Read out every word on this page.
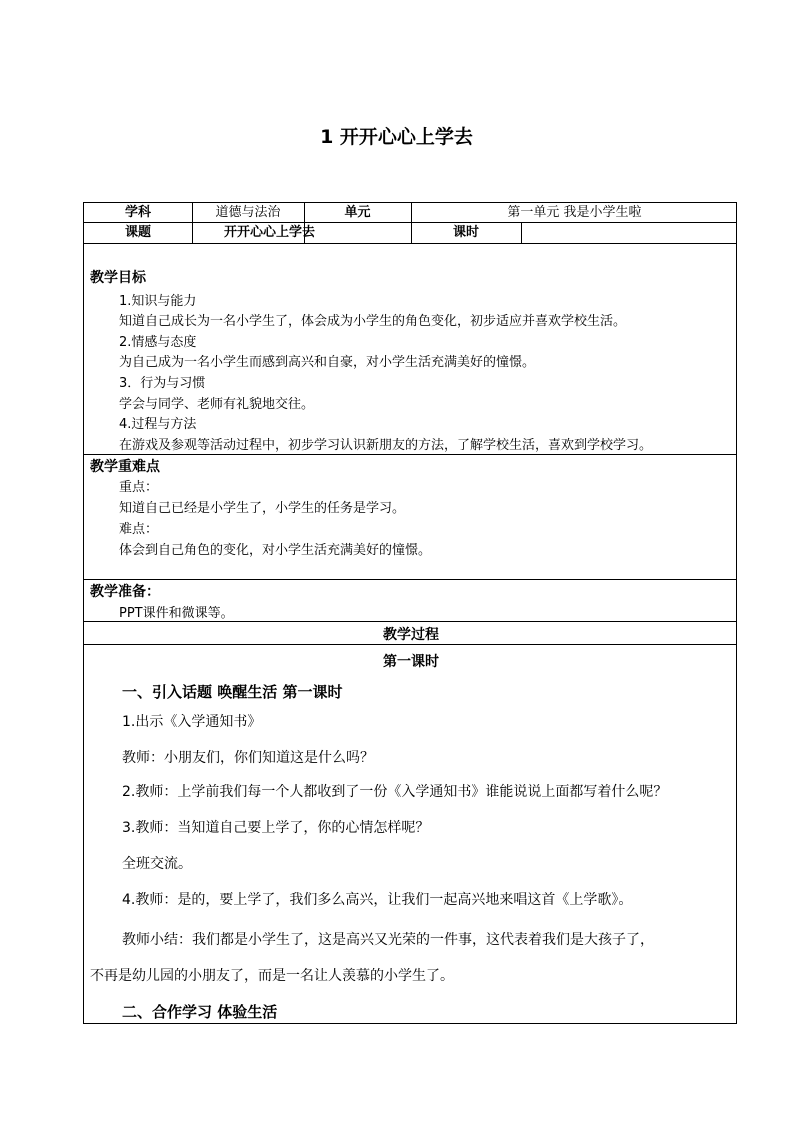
1 开开心心上学去
学科	道德与法治	单元	第一单元 我是小学生啦
课题	开开心心上学去	课时
教学目标
1.知识与能力
知道自己成长为一名小学生了，体会成为小学生的角色变化，初步适应并喜欢学校生活。
2.情感与态度
为自己成为一名小学生而感到高兴和自豪，对小学生活充满美好的憧憬。
3．行为与习惯
学会与同学、老师有礼貌地交往。
4.过程与方法
在游戏及参观等活动过程中，初步学习认识新朋友的方法，了解学校生活，喜欢到学校学习。
教学重难点
重点：
知道自己已经是小学生了，小学生的任务是学习。
难点：
体会到自己角色的变化，对小学生活充满美好的憧憬。
教学准备：
PPT课件和微课等。
教学过程
第一课时
一、引入话题 唤醒生活 第一课时
1.出示《入学通知书》
教师：小朋友们，你们知道这是什么吗？
2.教师：上学前我们每一个人都收到了一份《入学通知书》谁能说说上面都写着什么呢？
3.教师：当知道自己要上学了，你的心情怎样呢？
全班交流。
4.教师：是的，要上学了，我们多么高兴，让我们一起高兴地来唱这首《上学歌》。
教师小结：我们都是小学生了，这是高兴又光荣的一件事，这代表着我们是大孩子了，
不再是幼儿园的小朋友了，而是一名让人羡慕的小学生了。
二、合作学习 体验生活
